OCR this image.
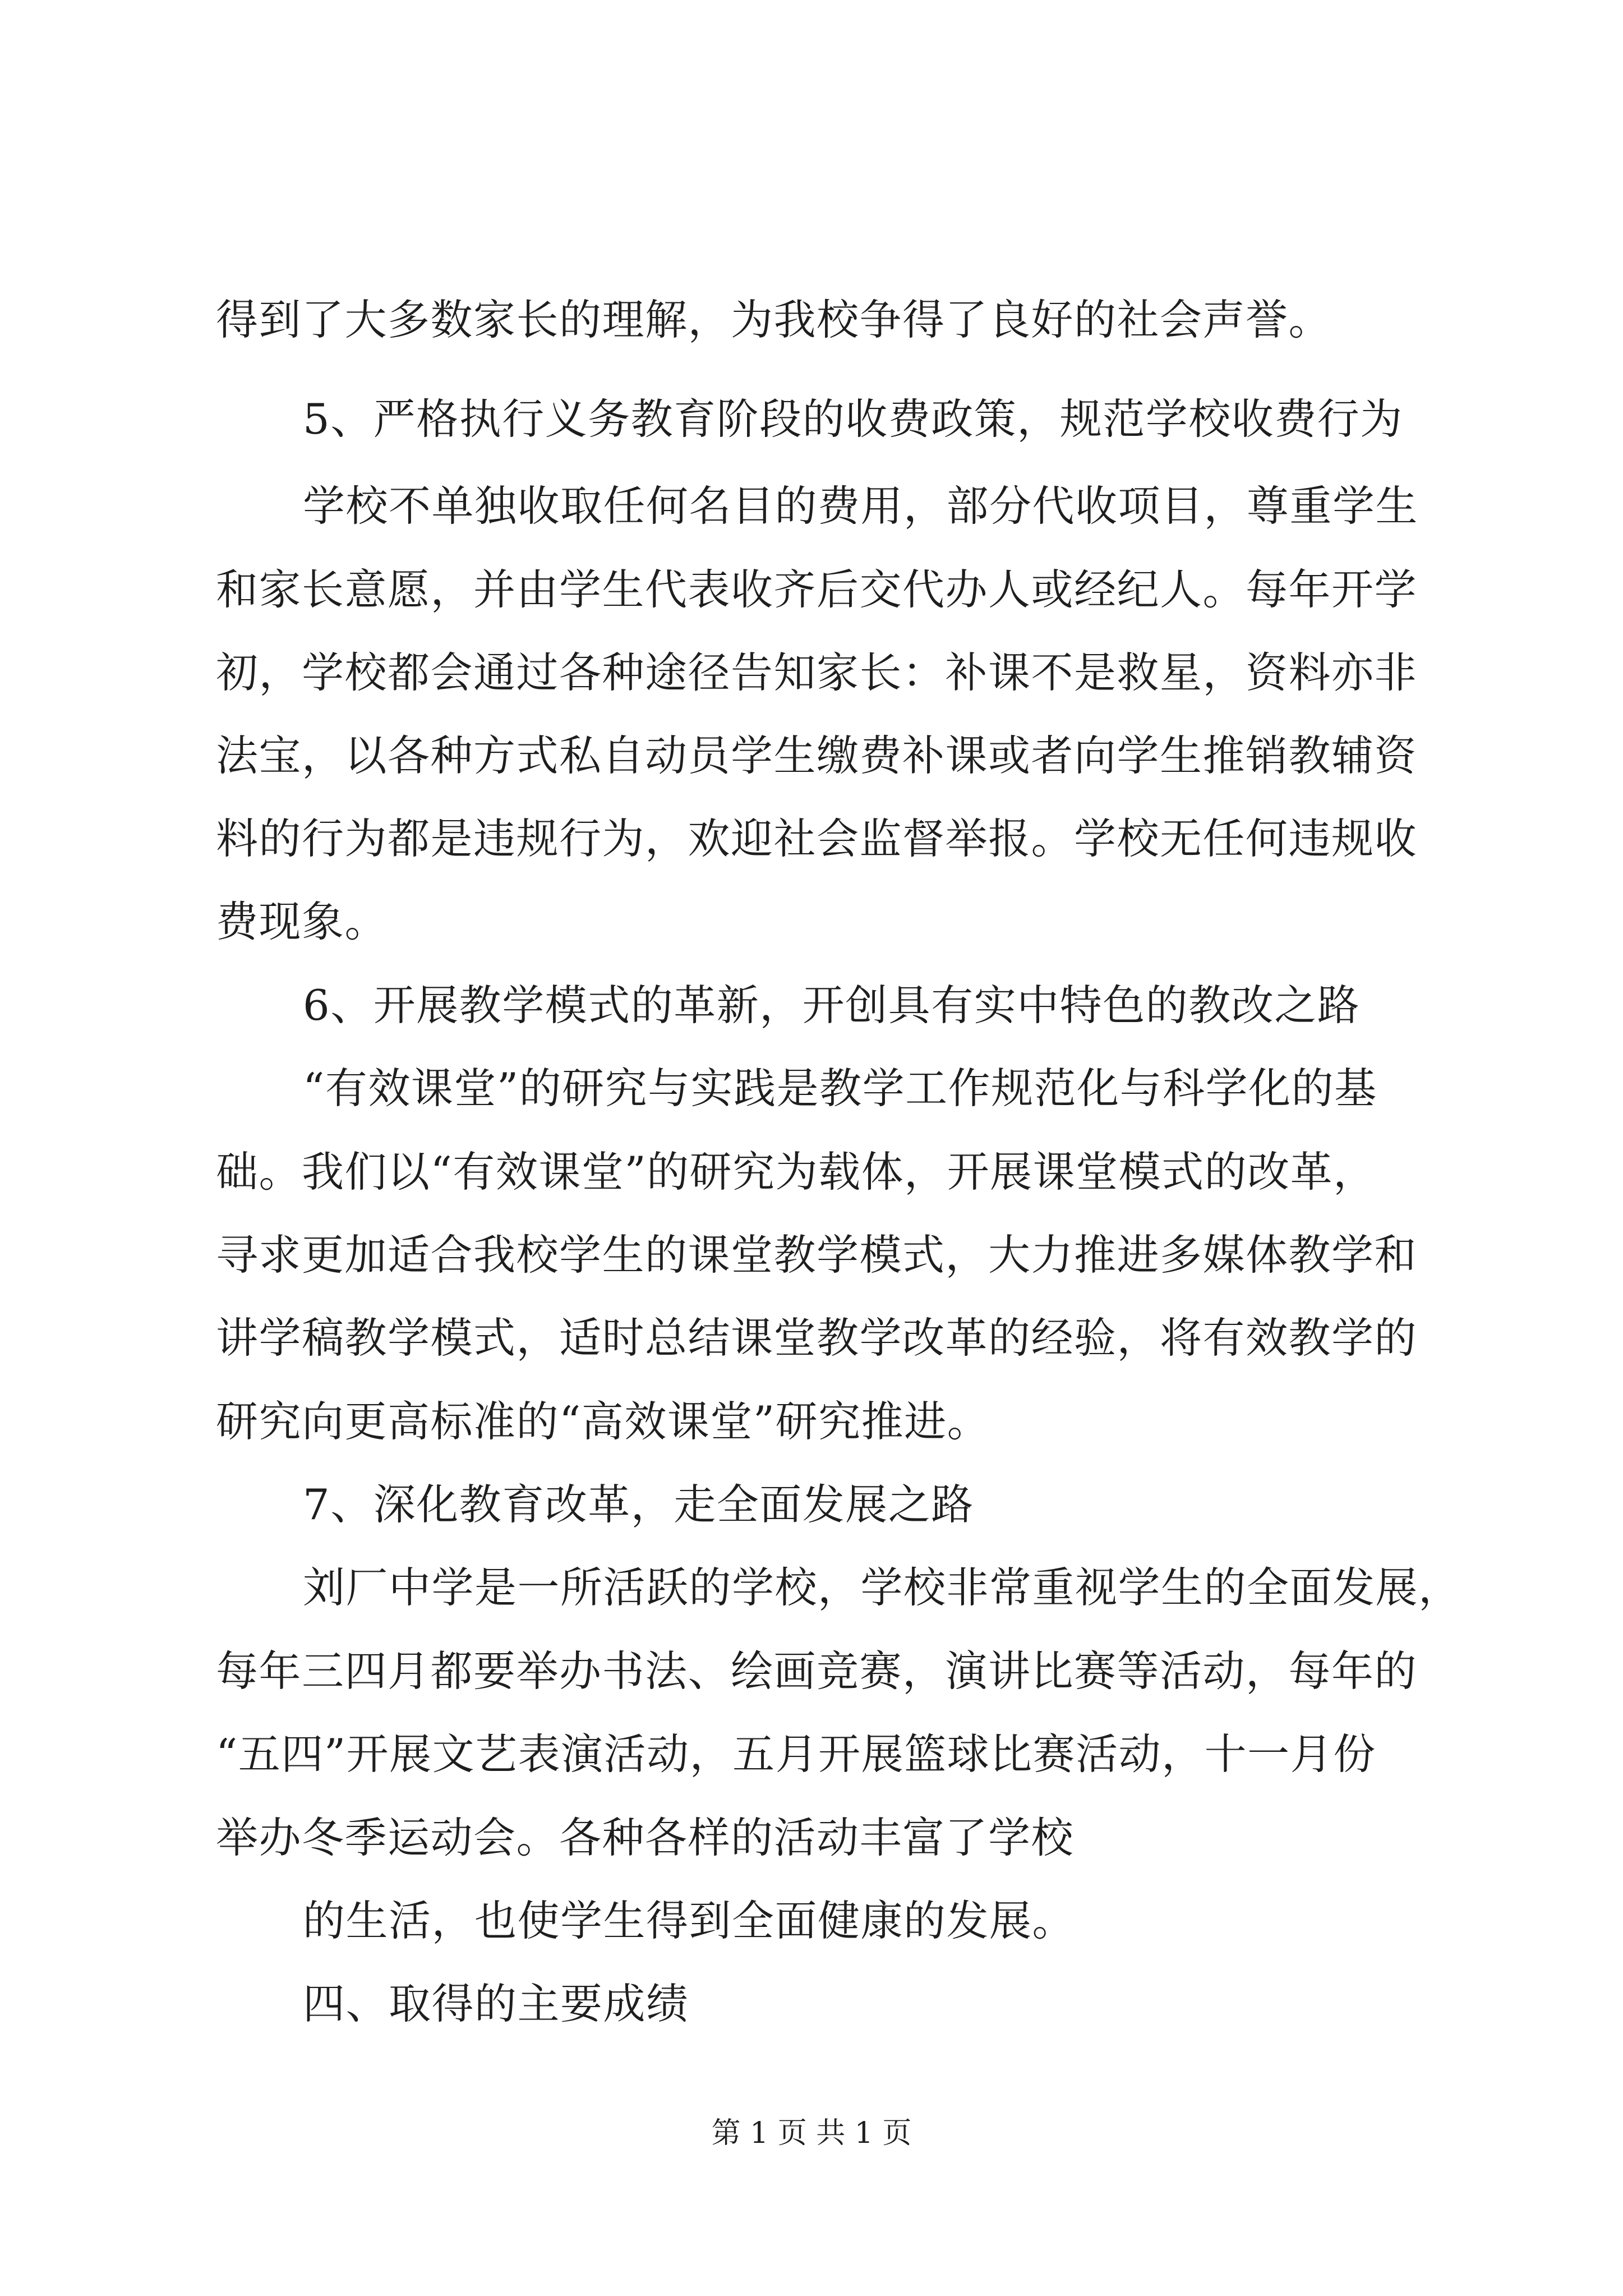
得到了大多数家长的理解，为我校争得了良好的社会声誉。
5、严格执行义务教育阶段的收费政策，规范学校收费行为
学校不单独收取任何名目的费用，部分代收项目，尊重学生
和家长意愿，并由学生代表收齐后交代办人或经纪人。每年开学
初，学校都会通过各种途径告知家长：补课不是救星，资料亦非
法宝，以各种方式私自动员学生缴费补课或者向学生推销教辅资
料的行为都是违规行为，欢迎社会监督举报。学校无任何违规收
费现象。
6、开展教学模式的革新，开创具有实中特色的教改之路
“有效课堂”的研究与实践是教学工作规范化与科学化的基
础。我们以“有效课堂”的研究为载体，开展课堂模式的改革，
寻求更加适合我校学生的课堂教学模式，大力推进多媒体教学和
讲学稿教学模式，适时总结课堂教学改革的经验，将有效教学的
研究向更高标准的“高效课堂”研究推进。
7、深化教育改革，走全面发展之路
刘厂中学是一所活跃的学校，学校非常重视学生的全面发展，
每年三四月都要举办书法、绘画竞赛，演讲比赛等活动，每年的
“五四”开展文艺表演活动，五月开展篮球比赛活动，十一月份
举办冬季运动会。各种各样的活动丰富了学校
的生活，也使学生得到全面健康的发展。
四、取得的主要成绩
第 1 页 共 1 页
